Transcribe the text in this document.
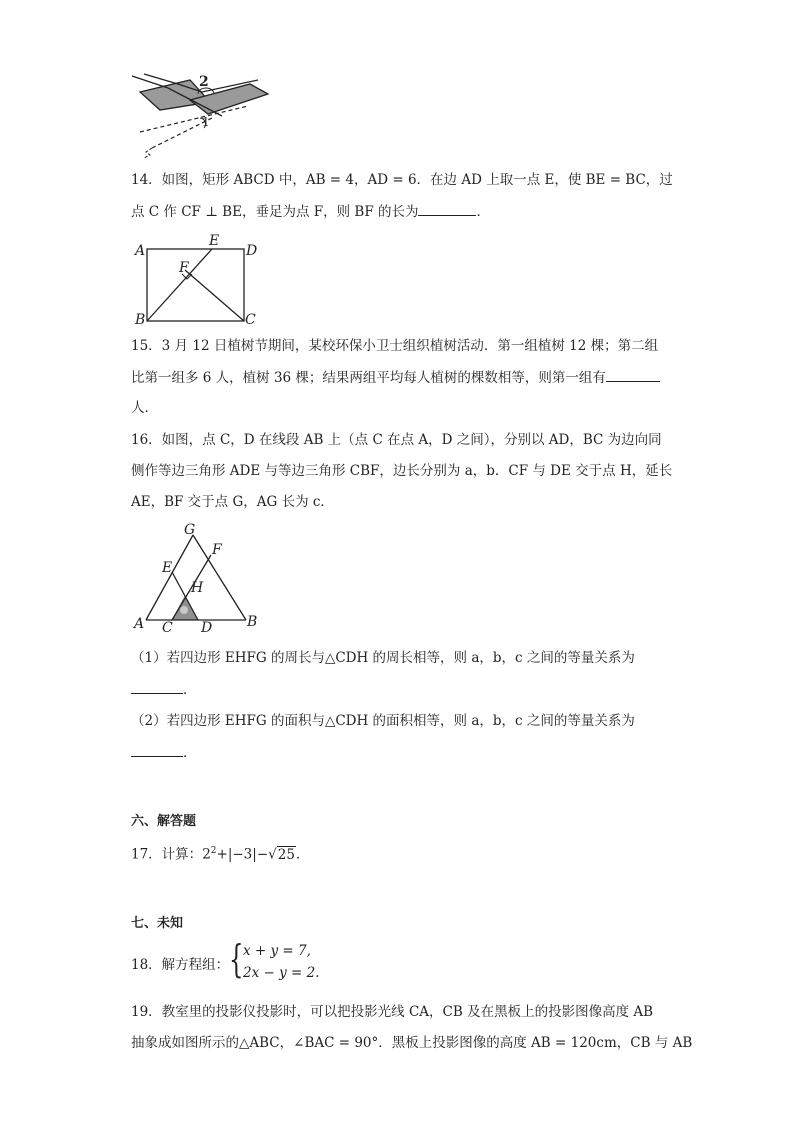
2
1
14．如图，矩形 ABCD 中，AB = 4，AD = 6．在边 AD 上取一点 E，使 BE = BC，过
点 C 作 CF ⊥ BE，垂足为点 F，则 BF 的长为	．
A
E
D
F
B	C
15．3 月 12 日植树节期间，某校环保小卫士组织植树活动．第一组植树 12 棵；第二组
比第一组多 6 人，植树 36 棵；结果两组平均每人植树的棵数相等，则第一组有
人．
16．如图，点 C，D 在线段 AB 上（点 C 在点 A，D 之间），分别以 AD，BC 为边向同
侧作等边三角形 ADE 与等边三角形 CBF，边长分别为 a，b．CF 与 DE 交于点 H，延长
AE，BF 交于点 G，AG 长为 c．
G
F
E
H
A C D B
（1）若四边形 EHFG 的周长与△CDH 的周长相等，则 a，b，c 之间的等量关系为
．
（2）若四边形 EHFG 的面积与△CDH 的面积相等，则 a，b，c 之间的等量关系为
．
六、解答题
17．计算：$2^2+|-3|-√25$．
七、未知
18．解方程组： { x + y = 7,
2x − y = 2.
19．教室里的投影仪投影时，可以把投影光线 CA，CB 及在黑板上的投影图像高度 AB
抽象成如图所示的△ABC，∠BAC = 90°．黑板上投影图像的高度 AB = 120cm，CB 与 AB
